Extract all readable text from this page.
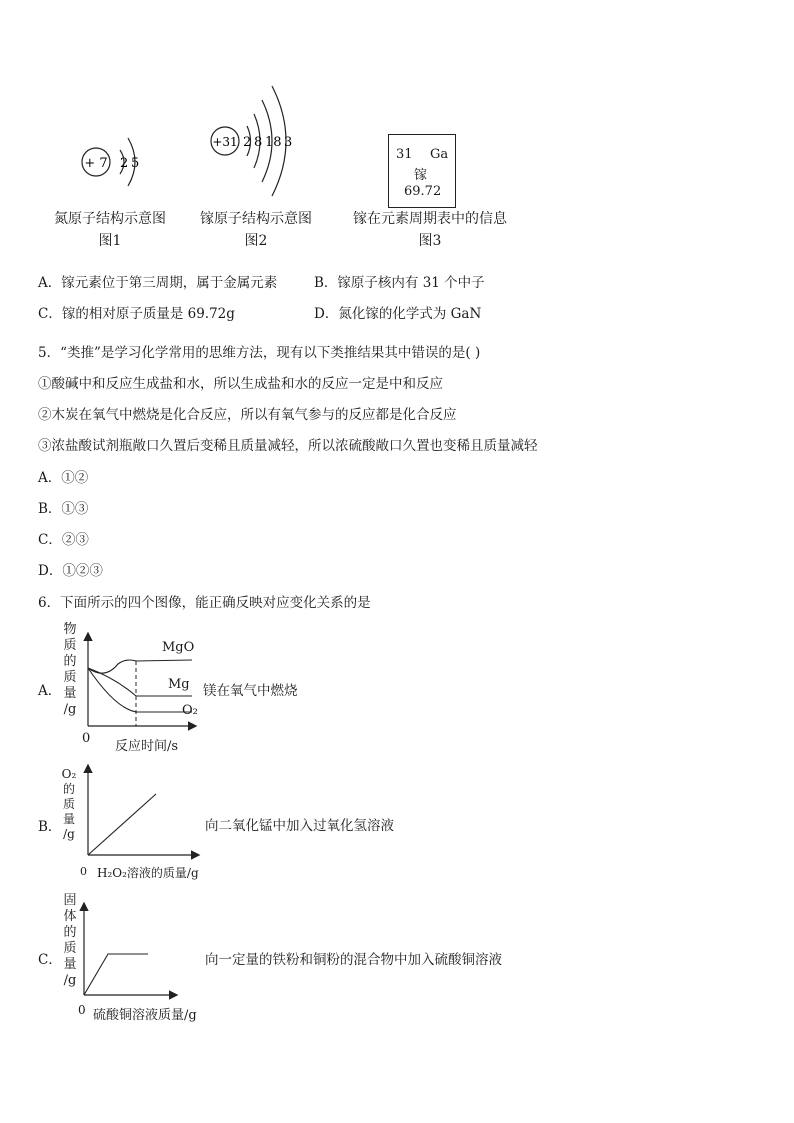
+ 7 2 5
氮原子结构示意图
图1
+31 2 8 18 3
镓原子结构示意图
图2
31 Ga
镓
69.72
镓在元素周期表中的信息
图3
A．镓元素位于第三周期，属于金属元素	B．镓原子核内有 31 个中子
C．镓的相对原子质量是 69.72g	D．氮化镓的化学式为 GaN
5．“类推”是学习化学常用的思维方法，现有以下类推结果其中错误的是( )
①酸碱中和反应生成盐和水，所以生成盐和水的反应一定是中和反应
②木炭在氧气中燃烧是化合反应，所以有氧气参与的反应都是化合反应
③浓盐酸试剂瓶敞口久置后变稀且质量减轻，所以浓硫酸敞口久置也变稀且质量减轻
A．①②
B．①③
C．②③
D．①②③
6．下面所示的四个图像，能正确反映对应变化关系的是
A．
物
质
的
质
量
/g
MgO
Mg
O₂
0
反应时间/s
镁在氧气中燃烧
B．
O₂
的
质
量
/g
0 H₂O₂溶液的质量/g
向二氧化锰中加入过氧化氢溶液
C．
固
体
的
质
量
/g
0 硫酸铜溶液质量/g
向一定量的铁粉和铜粉的混合物中加入硫酸铜溶液
